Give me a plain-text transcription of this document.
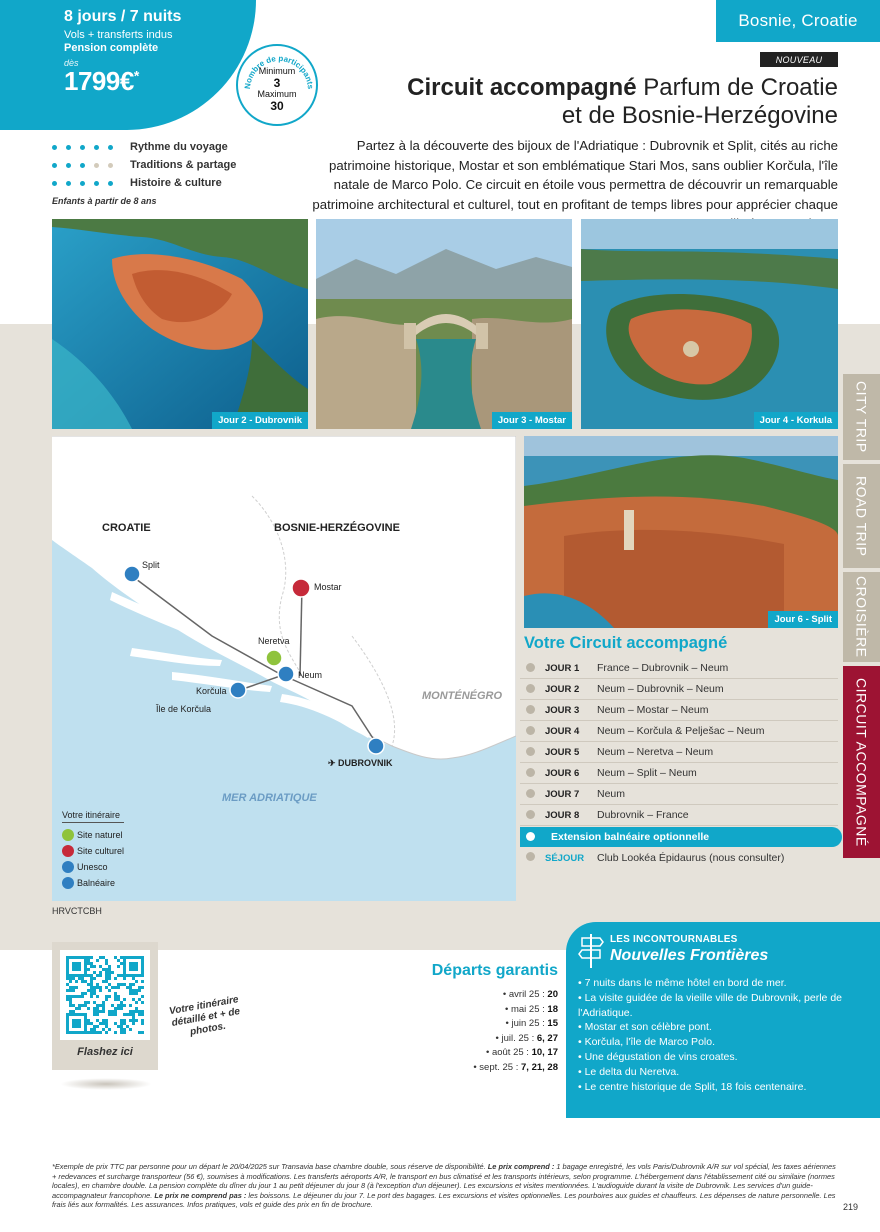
8 jours / 7 nuits
Vols + transferts indus
Pension complète
dès
1799€*
Nombre de participants
Minimum
3
Maximum
30
Rythme du voyage
Traditions & partage
Histoire & culture
Enfants à partir de 8 ans
Bosnie, Croatie
NOUVEAU
Circuit accompagné Parfum de Croatie
et de Bosnie-Herzégovine
Partez à la découverte des bijoux de l'Adriatique : Dubrovnik et Split, cités au riche patrimoine historique, Mostar et son emblématique Stari Mos, sans oublier Korčula, l'île natale de Marco Polo. Ce circuit en étoile vous permettra de découvrir un remarquable patrimoine architectural et culturel, tout en profitant de temps libres pour apprécier chaque
Jour 2 - Dubrovnik	Jour 3 - Mostar	Jour 4 - Korkula
Jour 6 - Split
CROATIE	BOSNIE-HERZÉGOVINE
MONTÉNÉGRO
MER ADRIATIQUE
Split
Mostar
Neretva
Neum
Korčula
Île de Korčula
✈ DUBROVNIK
Votre itinéraire
Site naturel
Site culturel
Unesco
Balnéaire
HRVCTCBH
Votre Circuit accompagné
JOUR 1	France – Dubrovnik – Neum
JOUR 2	Neum – Dubrovnik – Neum
JOUR 3	Neum – Mostar – Neum
JOUR 4	Neum – Korčula & Pelješac – Neum
JOUR 5	Neum – Neretva – Neum
JOUR 6	Neum – Split – Neum
JOUR 7	Neum
JOUR 8	Dubrovnik – France
Extension balnéaire optionnelle
SÉJOUR	Club Lookéa Épidaurus (nous consulter)
CITY TRIP
ROAD TRIP
CROISIÈRE
CIRCUIT ACCOMPAGNÉ
Flashez ici
Votre itinéraire détaillé et + de photos.
Départs garantis
• avril 25 : 20
• mai 25 : 18
• juin 25 : 15
• juil. 25 : 6, 27
• août 25 : 10, 17
• sept. 25 : 7, 21, 28
LES INCONTOURNABLES
Nouvelles Frontières
• 7 nuits dans le même hôtel en bord de mer.
• La visite guidée de la vieille ville de Dubrovnik, perle de l'Adriatique.
• Mostar et son célèbre pont.
• Korčula, l'île de Marco Polo.
• Une dégustation de vins croates.
• Le delta du Neretva.
• Le centre historique de Split, 18 fois centenaire.
*Exemple de prix TTC par personne pour un départ le 20/04/2025 sur Transavia base chambre double, sous réserve de disponibilité. Le prix comprend : 1 bagage enregistré, les vols Paris/Dubrovnik A/R sur vol spécial, les taxes aériennes + redevances et surcharge transporteur (56 €), soumises à modifications. Les transferts aéroports A/R, le transport en bus climatisé et les transports intérieurs, selon programme. L'hébergement dans l'établissement cité ou similaire (normes locales), en chambre double. La pension complète du dîner du jour 1 au petit déjeuner du jour 8 (à l'exception d'un déjeuner). Les excursions et visites mentionnées. L'audioguide durant la visite de Dubrovnik. Les services d'un guide-accompagnateur francophone. Le prix ne comprend pas : les boissons. Le déjeuner du jour 7. Le port des bagages. Les excursions et visites optionnelles. Les pourboires aux guides et chauffeurs. Les dépenses de nature personnelle. Les frais liés aux formalités. Les assurances. Infos pratiques, vols et guide des prix en fin de brochure.	219
